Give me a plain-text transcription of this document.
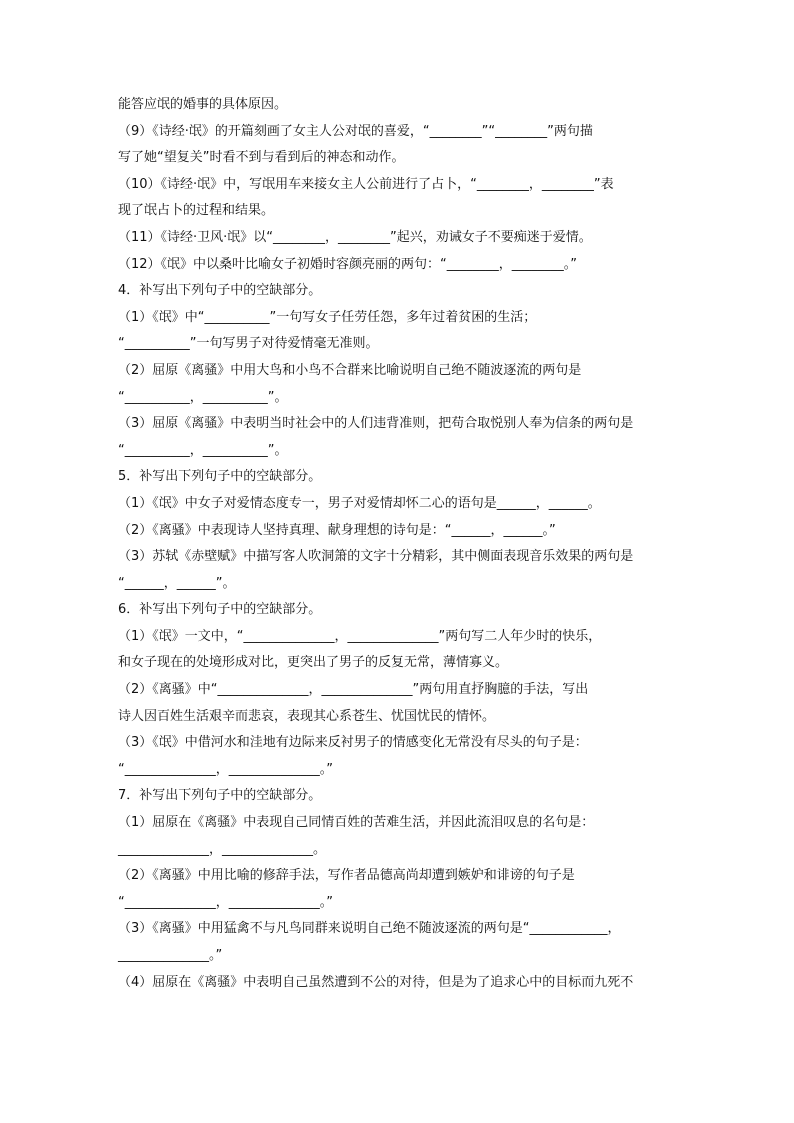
能答应氓的婚事的具体原因。
（9）《诗经·氓》的开篇刻画了女主人公对氓的喜爱，“________”“________”两句描
写了她“望复关”时看不到与看到后的神态和动作。
（10）《诗经·氓》中，写氓用车来接女主人公前进行了占卜，“________，________”表
现了氓占卜的过程和结果。
（11）《诗经·卫风·氓》以“________，________”起兴，劝诫女子不要痴迷于爱情。
（12）《氓》中以桑叶比喻女子初婚时容颜亮丽的两句：“________，________。”
4．补写出下列句子中的空缺部分。
（1）《氓》中“__________”一句写女子任劳任怨，多年过着贫困的生活；
“__________”一句写男子对待爱情毫无准则。
（2）屈原《离骚》中用大鸟和小鸟不合群来比喻说明自己绝不随波逐流的两句是
“__________，__________”。
（3）屈原《离骚》中表明当时社会中的人们违背准则，把苟合取悦别人奉为信条的两句是
“__________，__________”。
5．补写出下列句子中的空缺部分。
（1）《氓》中女子对爱情态度专一，男子对爱情却怀二心的语句是______，______。
（2）《离骚》中表现诗人坚持真理、献身理想的诗句是：“______，______。”
（3）苏轼《赤壁赋》中描写客人吹洞箫的文字十分精彩，其中侧面表现音乐效果的两句是
“______，______”。
6．补写出下列句子中的空缺部分。
（1）《氓》一文中，“______________，______________”两句写二人年少时的快乐，
和女子现在的处境形成对比，更突出了男子的反复无常，薄情寡义。
（2）《离骚》中“______________，______________”两句用直抒胸臆的手法，写出
诗人因百姓生活艰辛而悲哀，表现其心系苍生、忧国忧民的情怀。
（3）《氓》中借河水和洼地有边际来反衬男子的情感变化无常没有尽头的句子是：
“______________，______________。”
7．补写出下列句子中的空缺部分。
（1）屈原在《离骚》中表现自己同情百姓的苦难生活，并因此流泪叹息的名句是：
______________，______________。
（2）《离骚》中用比喻的修辞手法，写作者品德高尚却遭到嫉妒和诽谤的句子是
“______________，______________。”
（3）《离骚》中用猛禽不与凡鸟同群来说明自己绝不随波逐流的两句是“____________，
______________。”
（4）屈原在《离骚》中表明自己虽然遭到不公的对待，但是为了追求心中的目标而九死不
